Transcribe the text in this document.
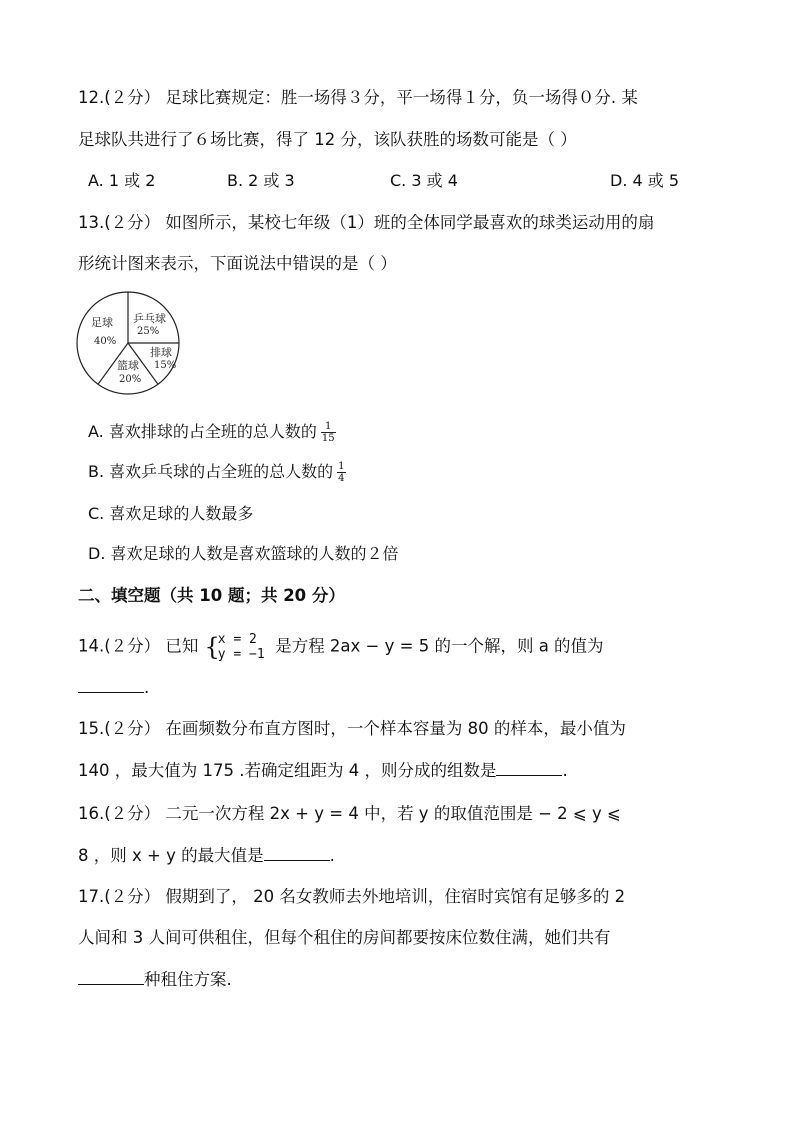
12.(２分） 足球比赛规定：胜一场得３分，平一场得１分，负一场得０分. 某
足球队共进行了６场比赛，得了 12 分，该队获胜的场数可能是（ ）
A. 1 或 2	B. 2 或 3	C. 3 或 4	D. 4 或 5
13.(２分） 如图所示，某校七年级（1）班的全体同学最喜欢的球类运动用的扇
形统计图来表示，下面说法中错误的是（ ）
足球
40%
乒乓球
25%
排球
15%
篮球
20%
A. 喜欢排球的占全班的总人数的 $\frac{1}{15}$
B. 喜欢乒乓球的占全班的总人数的 $\frac{1}{4}$
C. 喜欢足球的人数最多
D. 喜欢足球的人数是喜欢篮球的人数的２倍
二、填空题（共 10 题；共 20 分）
14.(２分） 已知 {
x = 2
y = −1 是方程 2ax − y = 5 的一个解，则 a 的值为
.
15.(２分） 在画频数分布直方图时，一个样本容量为 80 的样本，最小值为
140 ，最大值为 175 .若确定组距为 4 ，则分成的组数是	.
16.(２分） 二元一次方程 2x + y = 4 中，若 y 的取值范围是 − 2 ⩽ y ⩽
8 ，则 x + y 的最大值是	.
17.(２分） 假期到了， 20 名女教师去外地培训，住宿时宾馆有足够多的 2
人间和 3 人间可供租住，但每个租住的房间都要按床位数住满，她们共有
种租住方案.
